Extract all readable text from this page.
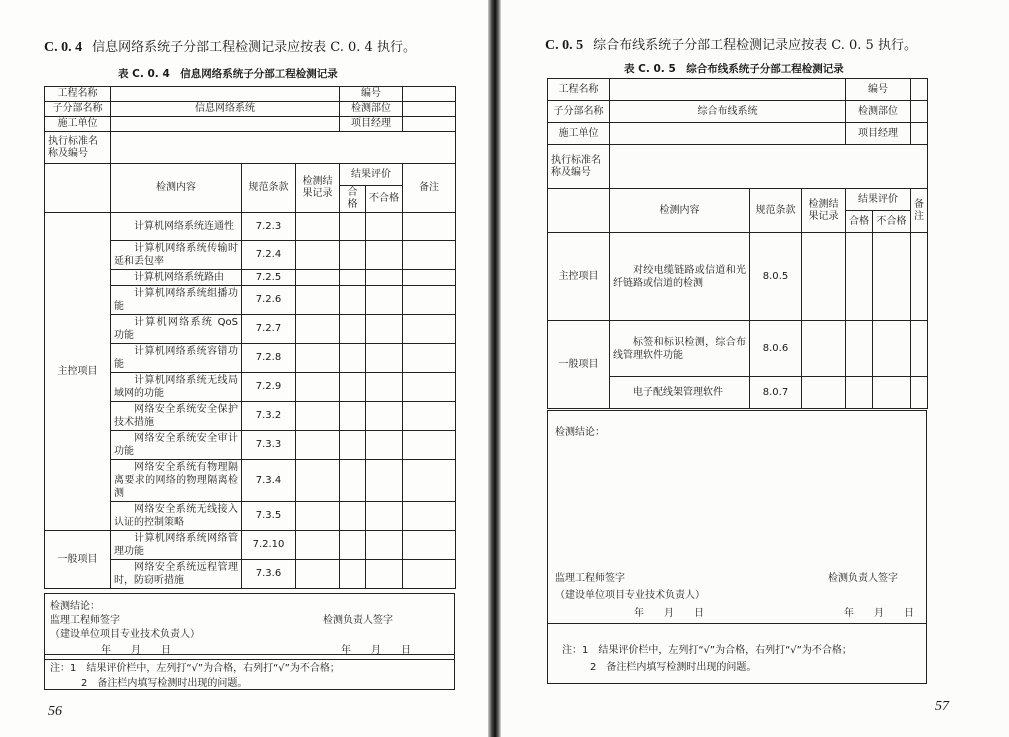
C. 0. 4 信息网络系统子分部工程检测记录应按表 C. 0. 4 执行。
表 C. 0. 4　信息网络系统子分部工程检测记录
工程名称				编号		
子分部名称	信息网络系统			检测部位		
施工单位				项目经理		
执行标准名称及编号						
	检测内容	规范条款	检测结果记录	结果评价		备注
				合格	不合格	
主控项目	计算机网络系统连通性	7.2.3				
	计算机网络系统传输时延和丢包率	7.2.4				
	计算机网络系统路由	7.2.5				
	计算机网络系统组播功能	7.2.6				
	计算机网络系统 QoS 功能	7.2.7				
	计算机网络系统容错功能	7.2.8				
	计算机网络系统无线局域网的功能	7.2.9				
	网络安全系统安全保护技术措施	7.3.2				
	网络安全系统安全审计功能	7.3.3				
	网络安全系统有物理隔离要求的网络的物理隔离检测	7.3.4				
	网络安全系统无线接入认证的控制策略	7.3.5				
一般项目	计算机网络系统网络管理功能	7.2.10				
	网络安全系统远程管理时，防窃听措施	7.3.6				
检测结论：
监理工程师签字
（建设单位项目专业技术负责人）
年　　月　　日
检测负责人签字
年　　月　　日
注：1　结果评价栏中，左列打“√”为合格，右列打“√”为不合格；
2　备注栏内填写检测时出现的问题。
56
C. 0. 5 综合布线系统子分部工程检测记录应按表 C. 0. 5 执行。
表 C. 0. 5　综合布线系统子分部工程检测记录
工程名称				编号		
子分部名称	综合布线系统			检测部位		
施工单位				项目经理		
执行标准名称及编号						
	检测内容	规范条款	检测结果记录	结果评价		备注
				合格	不合格	
主控项目	对绞电缆链路或信道和光纤链路或信道的检测	8.0.5				
一般项目	标签和标识检测，综合布线管理软件功能	8.0.6				
	电子配线架管理软件	8.0.7				
检测结论：
监理工程师签字
（建设单位项目专业技术负责人）
年　　月　　日
检测负责人签字
年　　月　　日
注：1　结果评价栏中，左列打“√”为合格，右列打“√”为不合格；
2　备注栏内填写检测时出现的问题。
57
